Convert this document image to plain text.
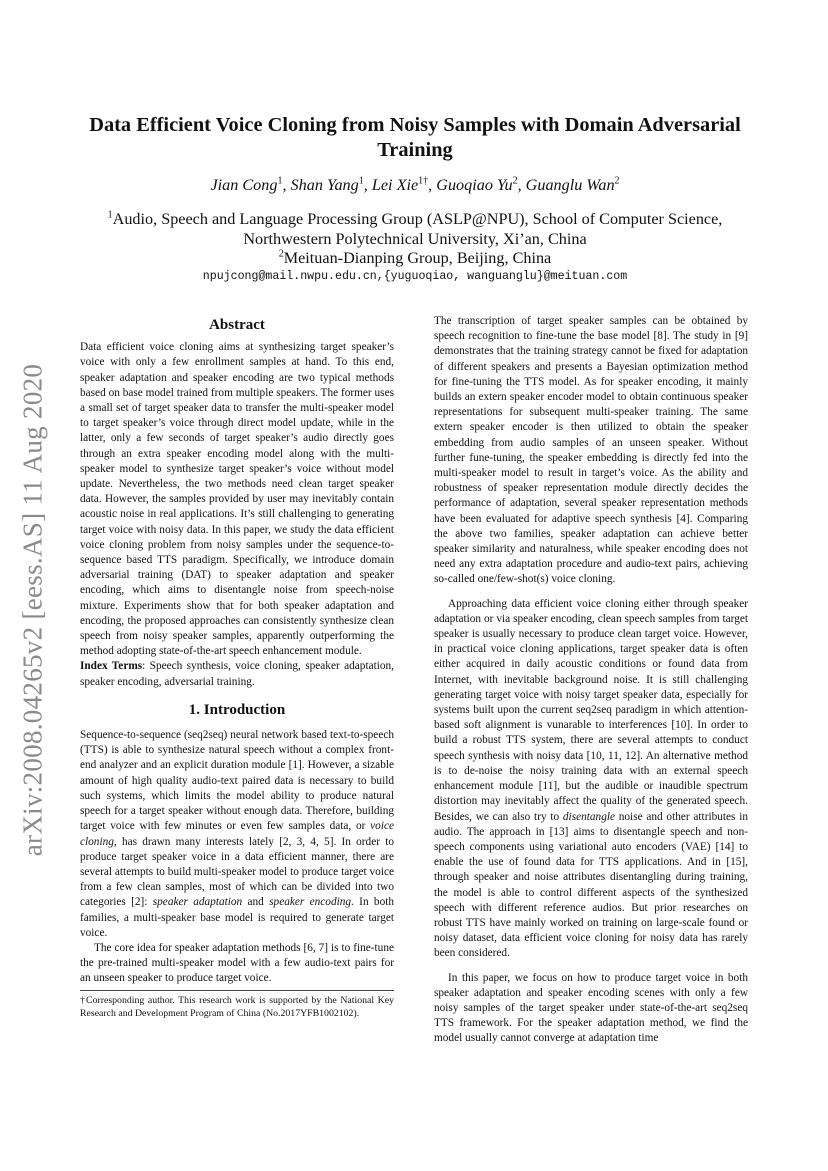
arXiv:2008.04265v2 [eess.AS] 11 Aug 2020
Data Efficient Voice Cloning from Noisy Samples with Domain Adversarial Training
Jian Cong$^1$, Shan Yang$^1$, Lei Xie$^{1\dagger}$, Guoqiao Yu$^2$, Guanglu Wan$^2$
$^1$Audio, Speech and Language Processing Group (ASLP@NPU), School of Computer Science,
Northwestern Polytechnical University, Xi’an, China
$^2$Meituan-Dianping Group, Beijing, China
npujcong@mail.nwpu.edu.cn,{yuguoqiao, wanguanglu}@meituan.com
Abstract

Data efficient voice cloning aims at synthesizing target speaker’s voice with only a few enrollment samples at hand. To this end, speaker adaptation and speaker encoding are two typical methods based on base model trained from multiple speakers. The former uses a small set of target speaker data to transfer the multi-speaker model to target speaker’s voice through direct model update, while in the latter, only a few seconds of target speaker’s audio directly goes through an extra speaker encoding model along with the multi-speaker model to synthesize target speaker’s voice without model update. Nevertheless, the two methods need clean target speaker data. However, the samples provided by user may inevitably contain acoustic noise in real applications. It’s still challenging to generating target voice with noisy data. In this paper, we study the data efficient voice cloning problem from noisy samples under the sequence-to-sequence based TTS paradigm. Specifically, we introduce domain adversarial training (DAT) to speaker adaptation and speaker encoding, which aims to disentangle noise from speech-noise mixture. Experiments show that for both speaker adaptation and encoding, the proposed approaches can consistently synthesize clean speech from noisy speaker samples, apparently outperforming the method adopting state-of-the-art speech enhancement module.

Index Terms: Speech synthesis, voice cloning, speaker adaptation, speaker encoding, adversarial training.

1. Introduction

Sequence-to-sequence (seq2seq) neural network based text-to-speech (TTS) is able to synthesize natural speech without a complex front-end analyzer and an explicit duration module [1]. However, a sizable amount of high quality audio-text paired data is necessary to build such systems, which limits the model ability to produce natural speech for a target speaker without enough data. Therefore, building target voice with few minutes or even few samples data, or voice cloning, has drawn many interests lately [2, 3, 4, 5]. In order to produce target speaker voice in a data efficient manner, there are several attempts to build multi-speaker model to produce target voice from a few clean samples, most of which can be divided into two categories [2]: speaker adaptation and speaker encoding. In both families, a multi-speaker base model is required to generate target voice.

The core idea for speaker adaptation methods [6, 7] is to fine-tune the pre-trained multi-speaker model with a few audio-text pairs for an unseen speaker to produce target voice.

†Corresponding author. This research work is supported by the National Key Research and Development Program of China (No.2017YFB1002102).

The transcription of target speaker samples can be obtained by speech recognition to fine-tune the base model [8]. The study in [9] demonstrates that the training strategy cannot be fixed for adaptation of different speakers and presents a Bayesian optimization method for fine-tuning the TTS model. As for speaker encoding, it mainly builds an extern speaker encoder model to obtain continuous speaker representations for subsequent multi-speaker training. The same extern speaker encoder is then utilized to obtain the speaker embedding from audio samples of an unseen speaker. Without further fune-tuning, the speaker embedding is directly fed into the multi-speaker model to result in target’s voice. As the ability and robustness of speaker representation module directly decides the performance of adaptation, several speaker representation methods have been evaluated for adaptive speech synthesis [4]. Comparing the above two families, speaker adaptation can achieve better speaker similarity and naturalness, while speaker encoding does not need any extra adaptation procedure and audio-text pairs, achieving so-called one/few-shot(s) voice cloning.

Approaching data efficient voice cloning either through speaker adaptation or via speaker encoding, clean speech samples from target speaker is usually necessary to produce clean target voice. However, in practical voice cloning applications, target speaker data is often either acquired in daily acoustic conditions or found data from Internet, with inevitable background noise. It is still challenging generating target voice with noisy target speaker data, especially for systems built upon the current seq2seq paradigm in which attention-based soft alignment is vunarable to interferences [10]. In order to build a robust TTS system, there are several attempts to conduct speech synthesis with noisy data [10, 11, 12]. An alternative method is to de-noise the noisy training data with an external speech enhancement module [11], but the audible or inaudible spectrum distortion may inevitably affect the quality of the generated speech. Besides, we can also try to disentangle noise and other attributes in audio. The approach in [13] aims to disentangle speech and non-speech components using variational auto encoders (VAE) [14] to enable the use of found data for TTS applications. And in [15], through speaker and noise attributes disentangling during training, the model is able to control different aspects of the synthesized speech with different reference audios. But prior researches on robust TTS have mainly worked on training on large-scale found or noisy dataset, data efficient voice cloning for noisy data has rarely been considered.

In this paper, we focus on how to produce target voice in both speaker adaptation and speaker encoding scenes with only a few noisy samples of the target speaker under state-of-the-art seq2seq TTS framework. For the speaker adaptation method, we find the model usually cannot converge at adaptation time
